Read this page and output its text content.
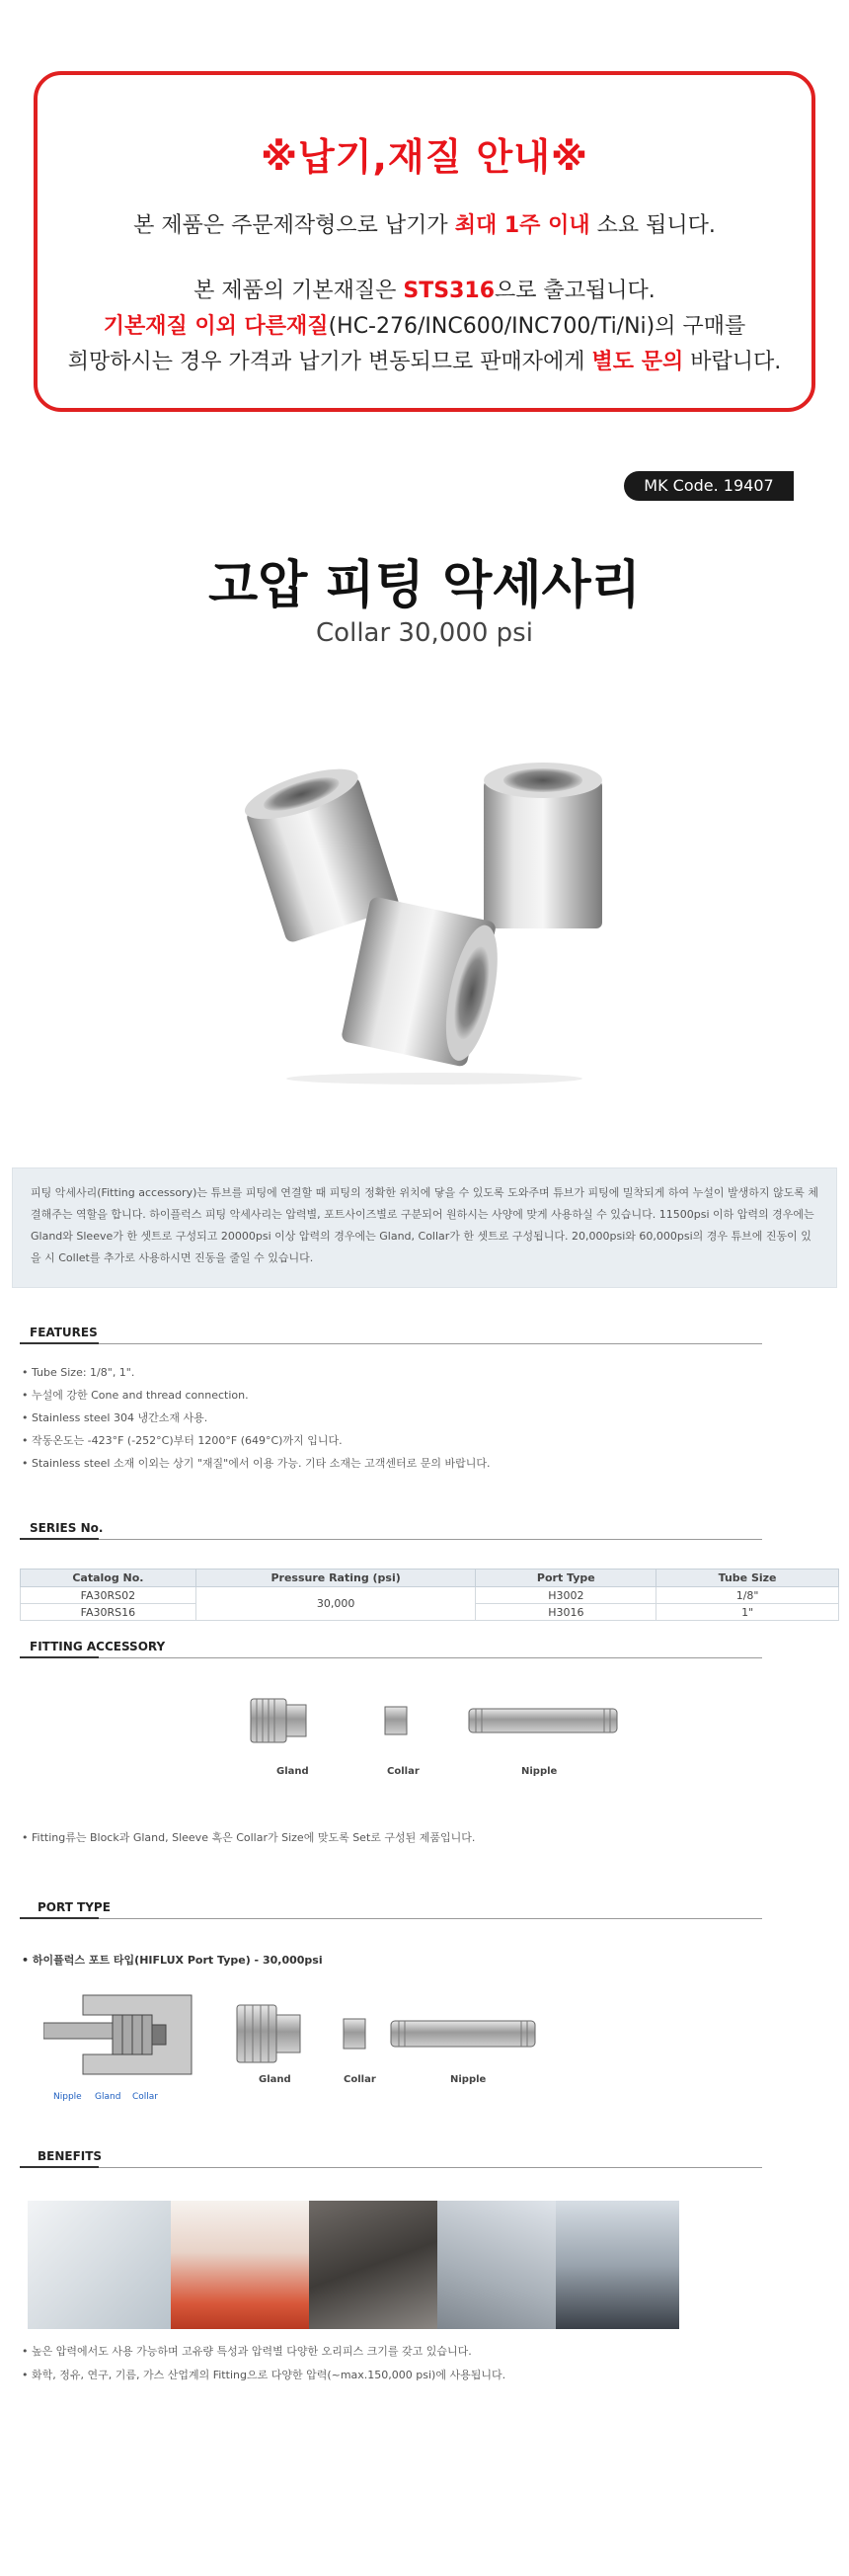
※납기,재질 안내※
본 제품은 주문제작형으로 납기가 최대 1주 이내 소요 됩니다.
본 제품의 기본재질은 STS316으로 출고됩니다.
기본재질 이외 다른재질(HC-276/INC600/INC700/Ti/Ni)의 구매를
희망하시는 경우 가격과 납기가 변동되므로 판매자에게 별도 문의 바랍니다.
MK Code. 19407
고압 피팅 악세사리
Collar 30,000 psi
피팅 악세사리(Fitting accessory)는 튜브를 피팅에 연결할 때 피팅의 정확한 위치에 닿을 수 있도록 도와주며 튜브가 피팅에 밀착되게 하여 누설이 발생하지 않도록 체결해주는 역할을 합니다. 하이플럭스 피팅 악세사리는 압력별, 포트사이즈별로 구분되어 원하시는 사양에 맞게 사용하실 수 있습니다. 11500psi 이하 압력의 경우에는 Gland와 Sleeve가 한 셋트로 구성되고 20000psi 이상 압력의 경우에는 Gland, Collar가 한 셋트로 구성됩니다. 20,000psi와 60,000psi의 경우 튜브에 진동이 있을 시 Collet를 추가로 사용하시면 진동을 줄일 수 있습니다.
FEATURES
• Tube Size: 1/8", 1".
• 누설에 강한 Cone and thread connection.
• Stainless steel 304 냉간소재 사용.
• 작동온도는 -423°F (-252°C)부터 1200°F (649°C)까지 입니다.
• Stainless steel 소재 이외는 상기 "재질"에서 이용 가능. 기타 소재는 고객센터로 문의 바랍니다.
SERIES No.
Catalog No.	Pressure Rating (psi)	Port Type	Tube Size
FA30RS02	30,000	H3002	1/8"
FA30RS16		H3016	1"
FITTING ACCESSORY
Gland	Collar	Nipple
• Fitting류는 Block과 Gland, Sleeve 혹은 Collar가 Size에 맞도록 Set로 구성된 제품입니다.
PORT TYPE
• 하이플럭스 포트 타입(HIFLUX Port Type) - 30,000psi
Nipple Gland Collar
Gland	Collar	Nipple
BENEFITS
• 높은 압력에서도 사용 가능하며 고유량 특성과 압력별 다양한 오리피스 크기를 갖고 있습니다.
• 화학, 정유, 연구, 기름, 가스 산업계의 Fitting으로 다양한 압력(~max.150,000 psi)에 사용됩니다.
